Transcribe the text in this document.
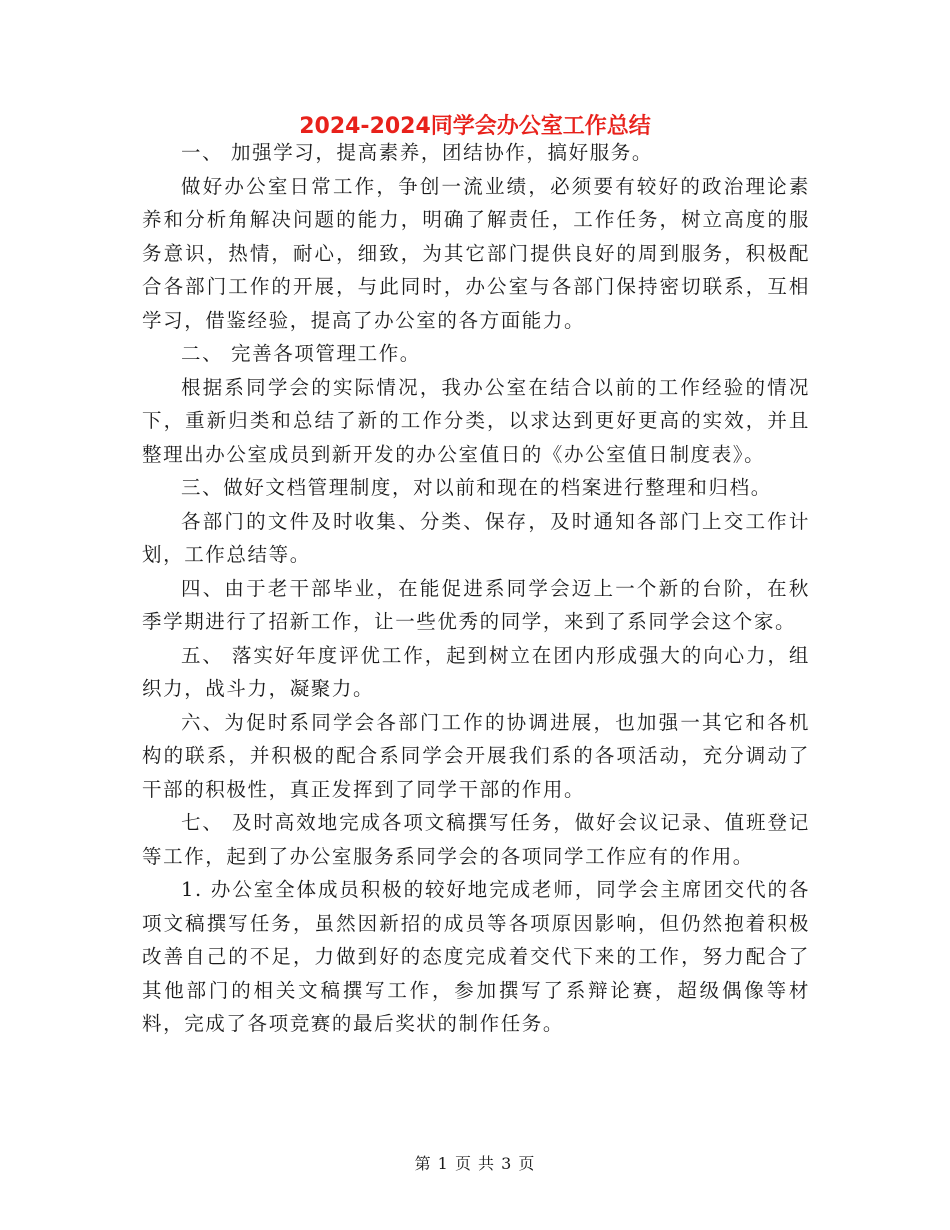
2024-2024同学会办公室工作总结

一、 加强学习，提高素养，团结协作，搞好服务。

做好办公室日常工作，争创一流业绩，必须要有较好的政治理论素养和分析角解决问题的能力，明确了解责任，工作任务，树立高度的服务意识，热情，耐心，细致，为其它部门提供良好的周到服务，积极配合各部门工作的开展，与此同时，办公室与各部门保持密切联系，互相学习，借鉴经验，提高了办公室的各方面能力。

二、 完善各项管理工作。

根据系同学会的实际情况，我办公室在结合以前的工作经验的情况下，重新归类和总结了新的工作分类，以求达到更好更高的实效，并且整理出办公室成员到新开发的办公室值日的《办公室值日制度表》。

三、做好文档管理制度，对以前和现在的档案进行整理和归档。

各部门的文件及时收集、分类、保存，及时通知各部门上交工作计划，工作总结等。

四、由于老干部毕业，在能促进系同学会迈上一个新的台阶，在秋季学期进行了招新工作，让一些优秀的同学，来到了系同学会这个家。

五、 落实好年度评优工作，起到树立在团内形成强大的向心力，组织力，战斗力，凝聚力。

六、为促时系同学会各部门工作的协调进展，也加强一其它和各机构的联系，并积极的配合系同学会开展我们系的各项活动，充分调动了干部的积极性，真正发挥到了同学干部的作用。

七、 及时高效地完成各项文稿撰写任务，做好会议记录、值班登记等工作，起到了办公室服务系同学会的各项同学工作应有的作用。

1. 办公室全体成员积极的较好地完成老师，同学会主席团交代的各项文稿撰写任务，虽然因新招的成员等各项原因影响，但仍然抱着积极改善自己的不足，力做到好的态度完成着交代下来的工作，努力配合了其他部门的相关文稿撰写工作，参加撰写了系辩论赛，超级偶像等材料，完成了各项竞赛的最后奖状的制作任务。

第 1 页 共 3 页
